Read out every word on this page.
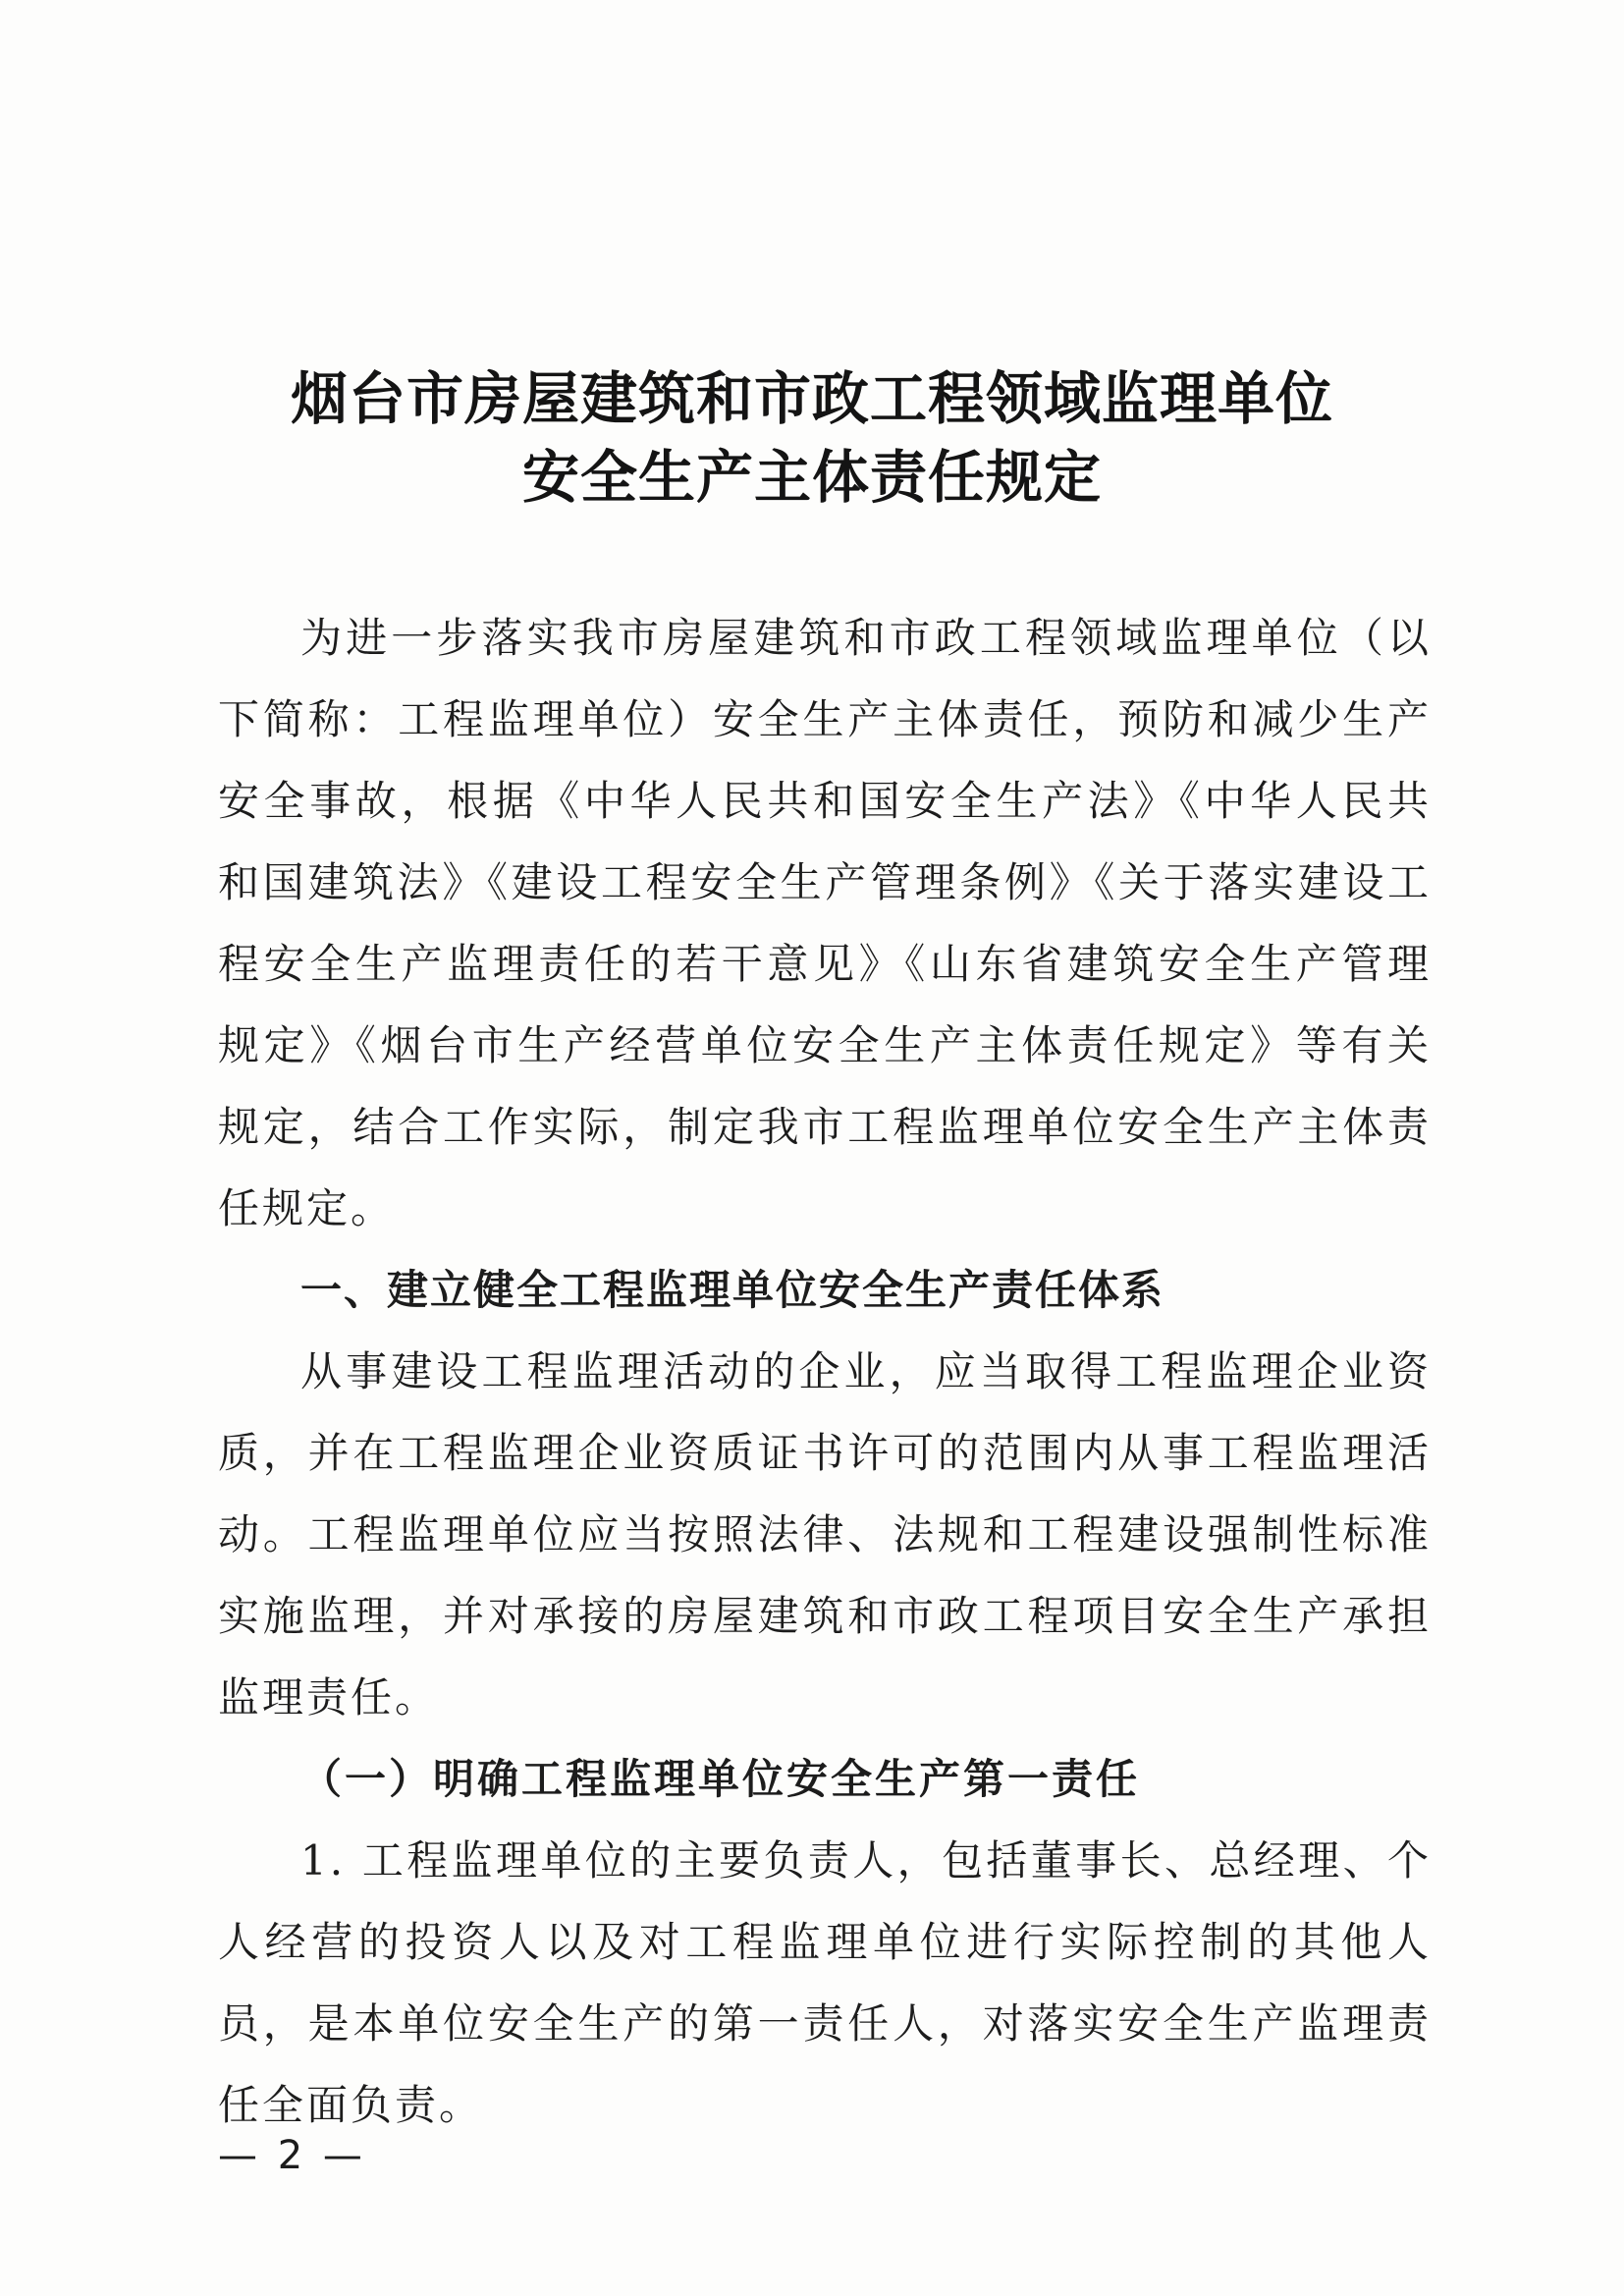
烟台市房屋建筑和市政工程领域监理单位
安全生产主体责任规定

为进一步落实我市房屋建筑和市政工程领域监理单位（以下简称：工程监理单位）安全生产主体责任，预防和减少生产安全事故，根据《中华人民共和国安全生产法》《中华人民共和国建筑法》《建设工程安全生产管理条例》《关于落实建设工程安全生产监理责任的若干意见》《山东省建筑安全生产管理规定》《烟台市生产经营单位安全生产主体责任规定》等有关规定，结合工作实际，制定我市工程监理单位安全生产主体责任规定。

一、建立健全工程监理单位安全生产责任体系

从事建设工程监理活动的企业，应当取得工程监理企业资质，并在工程监理企业资质证书许可的范围内从事工程监理活动。工程监理单位应当按照法律、法规和工程建设强制性标准实施监理，并对承接的房屋建筑和市政工程项目安全生产承担监理责任。

（一）明确工程监理单位安全生产第一责任

1. 工程监理单位的主要负责人，包括董事长、总经理、个人经营的投资人以及对工程监理单位进行实际控制的其他人员，是本单位安全生产的第一责任人，对落实安全生产监理责任全面负责。

— 2 —
